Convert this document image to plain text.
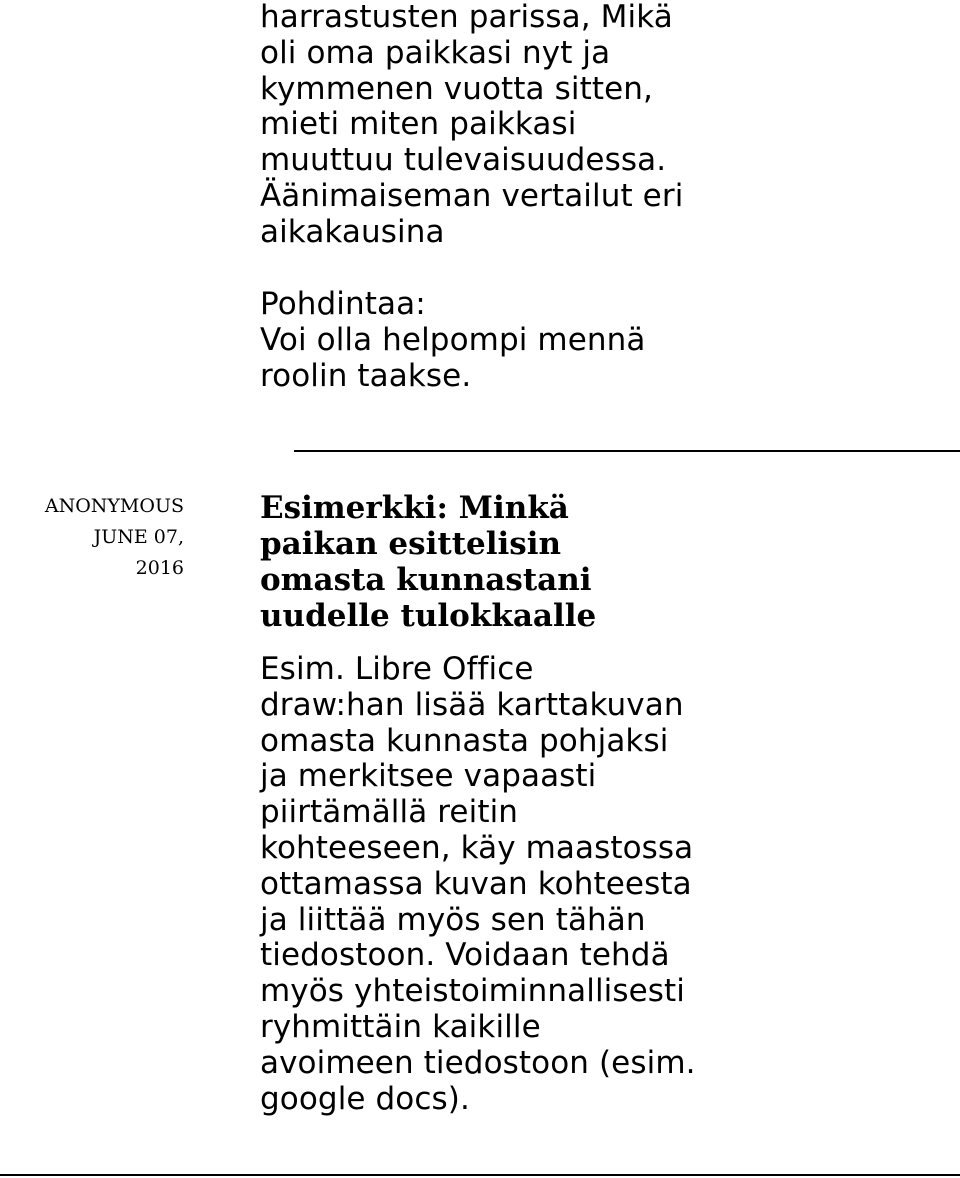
harrastusten parissa, Mikä
oli oma paikkasi nyt ja
kymmenen vuotta sitten,
mieti miten paikkasi
muuttuu tulevaisuudessa.
Äänimaiseman vertailut eri
aikakausina

Pohdintaa:
Voi olla helpompi mennä
roolin taakse.

ANONYMOUS
JUNE 07,
2016
Esimerkki: Minkä
paikan esittelisin
omasta kunnastani
uudelle tulokkaalle

Esim. Libre Office
draw:han lisää karttakuvan
omasta kunnasta pohjaksi
ja merkitsee vapaasti
piirtämällä reitin
kohteeseen, käy maastossa
ottamassa kuvan kohteesta
ja liittää myös sen tähän
tiedostoon. Voidaan tehdä
myös yhteistoiminnallisesti
ryhmittäin kaikille
avoimeen tiedostoon (esim.
google docs).
